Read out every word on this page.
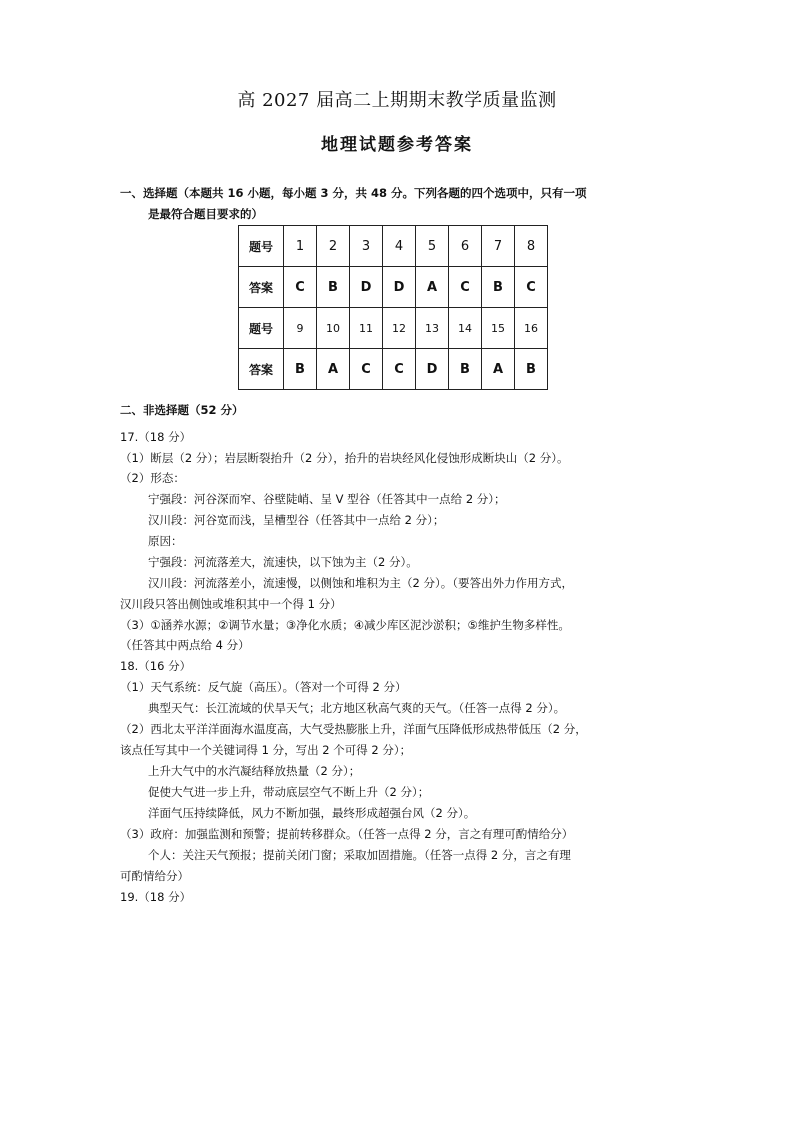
高 2027 届高二上期期末教学质量监测
地理试题参考答案
一、选择题（本题共 16 小题，每小题 3 分，共 48 分。下列各题的四个选项中，只有一项
是最符合题目要求的）
题号	1	2	3	4	5	6	7	8
答案	C	B	D	D	A	C	B	C
题号	9	10	11	12	13	14	15	16
答案	B	A	C	C	D	B	A	B
二、非选择题（52 分）
17.（18 分）
（1）断层（2 分）；岩层断裂抬升（2 分），抬升的岩块经风化侵蚀形成断块山（2 分）。
（2）形态：
宁强段：河谷深而窄、谷壁陡峭、呈 V 型谷（任答其中一点给 2 分）；
汉川段：河谷宽而浅，呈槽型谷（任答其中一点给 2 分）；
原因：
宁强段：河流落差大，流速快，以下蚀为主（2 分）。
汉川段：河流落差小，流速慢，以侧蚀和堆积为主（2 分）。（要答出外力作用方式，
汉川段只答出侧蚀或堆积其中一个得 1 分）
（3）①涵养水源；②调节水量；③净化水质；④减少库区泥沙淤积；⑤维护生物多样性。
（任答其中两点给 4 分）
18.（16 分）
（1）天气系统：反气旋（高压）。（答对一个可得 2 分）
典型天气：长江流域的伏旱天气；北方地区秋高气爽的天气。（任答一点得 2 分）。
（2）西北太平洋洋面海水温度高，大气受热膨胀上升，洋面气压降低形成热带低压（2 分，
该点任写其中一个关键词得 1 分，写出 2 个可得 2 分）；
上升大气中的水汽凝结释放热量（2 分）；
促使大气进一步上升，带动底层空气不断上升（2 分）；
洋面气压持续降低，风力不断加强，最终形成超强台风（2 分）。
（3）政府：加强监测和预警；提前转移群众。（任答一点得 2 分，言之有理可酌情给分）
个人：关注天气预报；提前关闭门窗；采取加固措施。（任答一点得 2 分，言之有理
可酌情给分）
19.（18 分）
